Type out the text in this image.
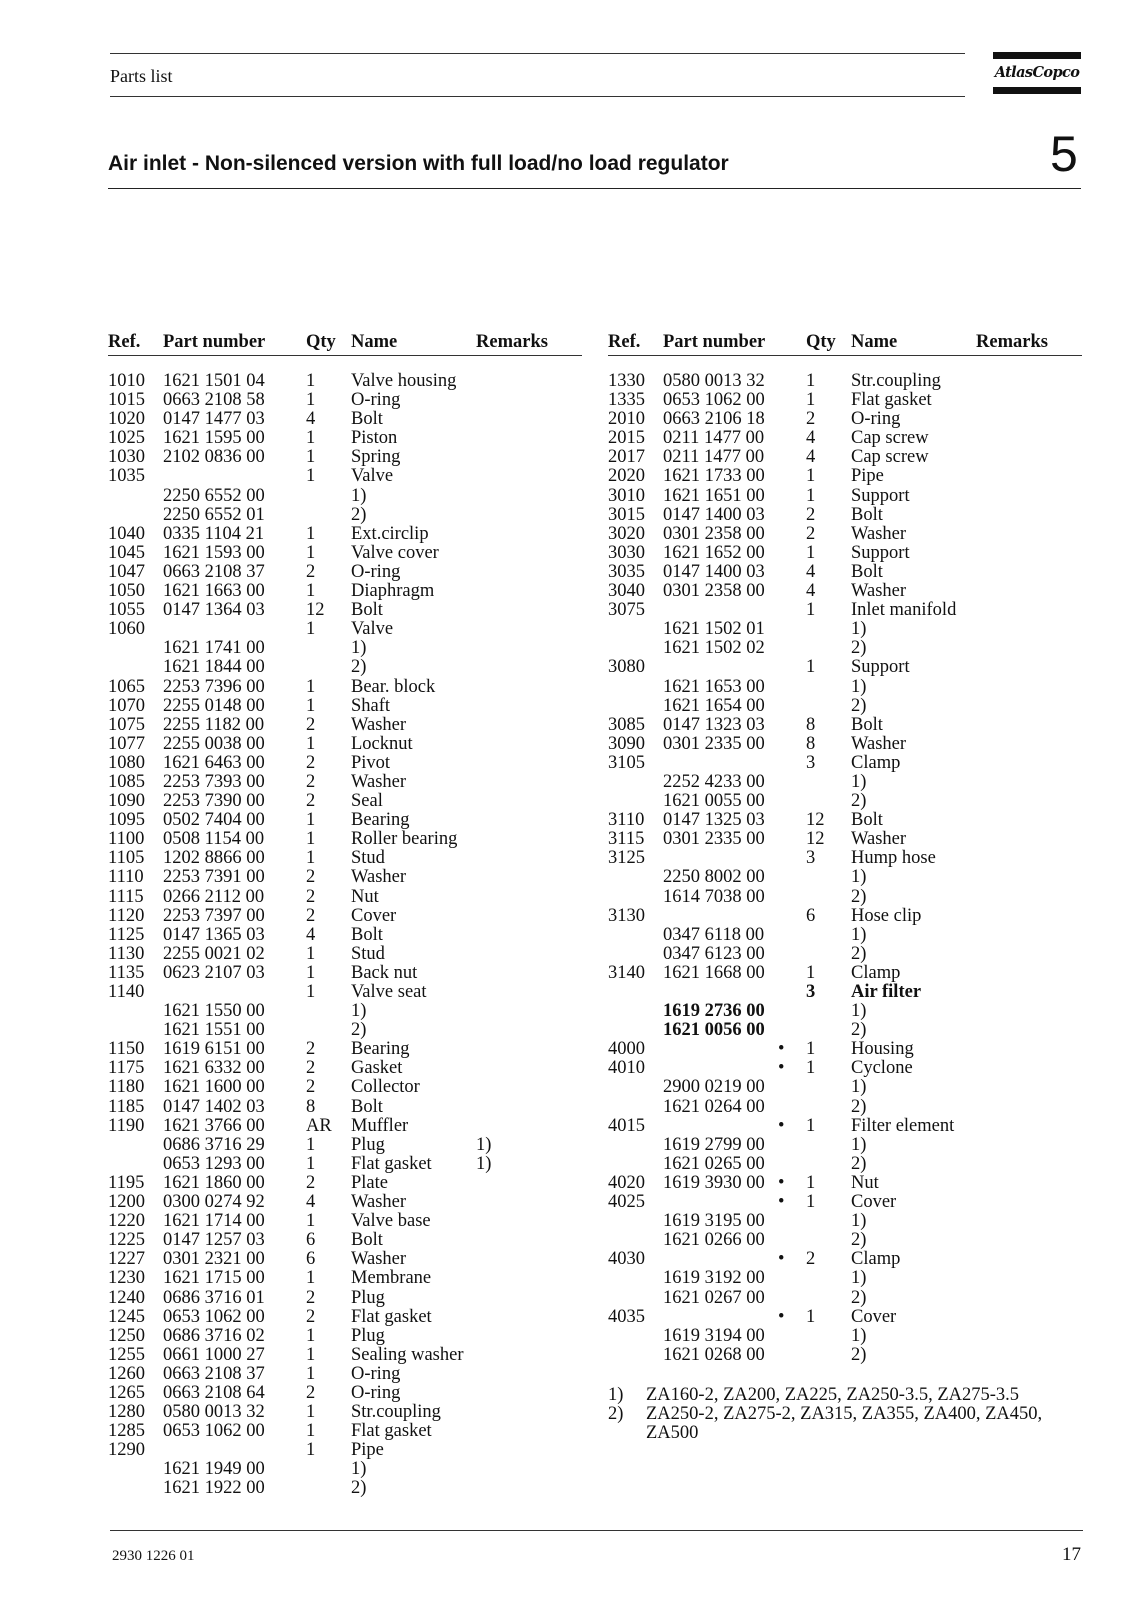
Parts list	AtlasCopco
Air inlet - Non-silenced version with full load/no load regulator	5
Ref. Part number Qty Name	Remarks
1010 1621 1501 04 1 Valve housing
1015 0663 2108 58 1 O-ring
1020 0147 1477 03 4 Bolt
1025 1621 1595 00 1 Piston
1030 2102 0836 00 1 Spring
1035	1 Valve
2250 6552 00	1)
2250 6552 01	2)
1040 0335 1104 21 1 Ext.circlip
1045 1621 1593 00 1 Valve cover
1047 0663 2108 37 2 O-ring
1050 1621 1663 00 1 Diaphragm
1055 0147 1364 03 12 Bolt
1060	1 Valve
1621 1741 00	1)
1621 1844 00	2)
1065 2253 7396 00 1 Bear. block
1070 2255 0148 00 1 Shaft
1075 2255 1182 00 2 Washer
1077 2255 0038 00 1 Locknut
1080 1621 6463 00 2 Pivot
1085 2253 7393 00 2 Washer
1090 2253 7390 00 2 Seal
1095 0502 7404 00 1 Bearing
1100 0508 1154 00 1 Roller bearing
1105 1202 8866 00 1 Stud
1110 2253 7391 00 2 Washer
1115 0266 2112 00 2 Nut
1120 2253 7397 00 2 Cover
1125 0147 1365 03 4 Bolt
1130 2255 0021 02 1 Stud
1135 0623 2107 03 1 Back nut
1140	1 Valve seat
1621 1550 00	1)
1621 1551 00	2)
1150 1619 6151 00 2 Bearing
1175 1621 6332 00 2 Gasket
1180 1621 1600 00 2 Collector
1185 0147 1402 03 8 Bolt
1190 1621 3766 00 AR Muffler
0686 3716 29 1 Plug	1)
0653 1293 00 1 Flat gasket 1)
1195 1621 1860 00 2 Plate
1200 0300 0274 92 4 Washer
1220 1621 1714 00 1 Valve base
1225 0147 1257 03 6 Bolt
1227 0301 2321 00 6 Washer
1230 1621 1715 00 1 Membrane
1240 0686 3716 01 2 Plug
1245 0653 1062 00 2 Flat gasket
1250 0686 3716 02 1 Plug
1255 0661 1000 27 1 Sealing washer
1260 0663 2108 37 1 O-ring
1265 0663 2108 64 2 O-ring
1280 0580 0013 32 1 Str.coupling
1285 0653 1062 00 1 Flat gasket
1290	1 Pipe
1621 1949 00	1)
1621 1922 00	2)
Ref. Part number Qty Name	Remarks
1330 0580 0013 32 1 Str.coupling
1335 0653 1062 00 1 Flat gasket
2010 0663 2106 18 2 O-ring
2015 0211 1477 00 4 Cap screw
2017 0211 1477 00 4 Cap screw
2020 1621 1733 00 1 Pipe
3010 1621 1651 00 1 Support
3015 0147 1400 03 2 Bolt
3020 0301 2358 00 2 Washer
3030 1621 1652 00 1 Support
3035 0147 1400 03 4 Bolt
3040 0301 2358 00 4 Washer
3075	1 Inlet manifold
1621 1502 01	1)
1621 1502 02	2)
3080	1 Support
1621 1653 00	1)
1621 1654 00	2)
3085 0147 1323 03 8 Bolt
3090 0301 2335 00 8 Washer
3105	3 Clamp
2252 4233 00	1)
1621 0055 00	2)
3110 0147 1325 03 12 Bolt
3115 0301 2335 00 12 Washer
3125	3 Hump hose
2250 8002 00	1)
1614 7038 00	2)
3130	6 Hose clip
0347 6118 00	1)
0347 6123 00	2)
3140 1621 1668 00 1 Clamp
3 Air filter
1619 2736 00	1)
1621 0056 00	2)
4000	• 1 Housing
4010	• 1 Cyclone
2900 0219 00	1)
1621 0264 00	2)
4015	• 1 Filter element
1619 2799 00	1)
1621 0265 00	2)
4020 1619 3930 00 • 1 Nut
4025	• 1 Cover
1619 3195 00	1)
1621 0266 00	2)
4030	• 2 Clamp
1619 3192 00	1)
1621 0267 00	2)
4035	• 1 Cover
1619 3194 00	1)
1621 0268 00	2)
1) ZA160-2, ZA200, ZA225, ZA250-3.5, ZA275-3.5
2) ZA250-2, ZA275-2, ZA315, ZA355, ZA400, ZA450, ZA500
2930 1226 01	17
